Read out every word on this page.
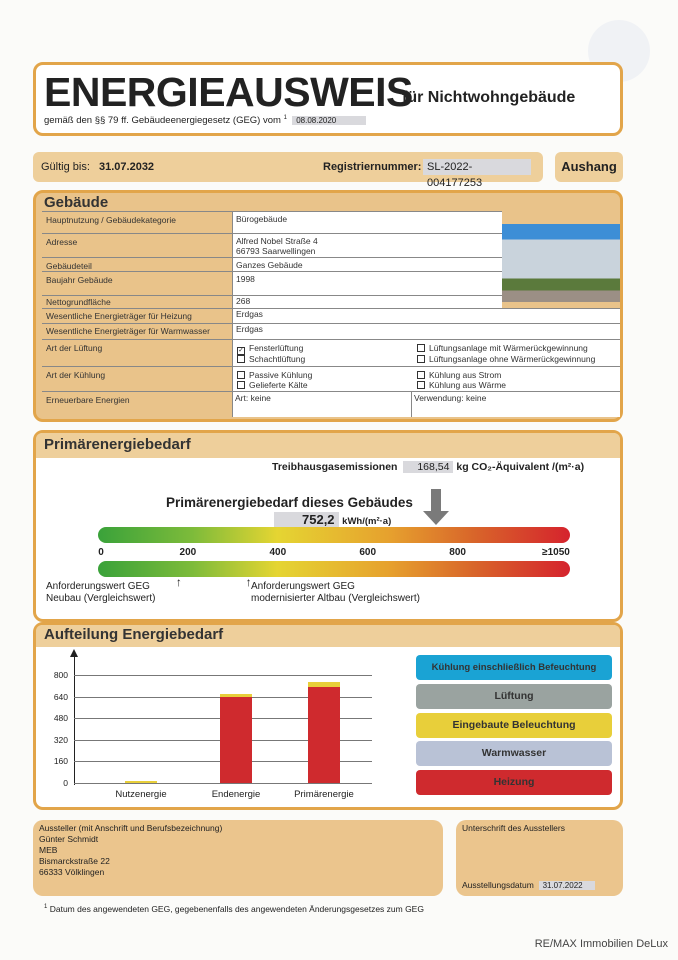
ENERGIEAUSWEIS
für Nichtwohngebäude
gemäß den §§ 79 ff. Gebäudeenergiegesetz (GEG) vom $^1$ 08.08.2020
Gültig bis: 31.07.2032	Registriernummer: SL-2022-004177253
Aushang
Gebäude
Hauptnutzung / Gebäudekategorie	Bürogebäude
Adresse	Alfred Nobel Straße 4
66793 Saarwellingen
Gebäudeteil	Ganzes Gebäude
Baujahr Gebäude	1998
Nettogrundfläche	268
Wesentliche Energieträger für Heizung	Erdgas
Wesentliche Energieträger für Warmwasser	Erdgas
Art der Lüftung	✓ Fensterlüftung
Schachtlüftung
Lüftungsanlage mit Wärmerückgewinnung
Lüftungsanlage ohne Wärmerückgewinnung
Art der Kühlung	Passive Kühlung
Gelieferte Kälte
Kühlung aus Strom
Kühlung aus Wärme
Erneuerbare Energien	Art: keine	Verwendung: keine
Primärenergiebedarf
Treibhausgasemissionen 168,54 kg CO₂-Äquivalent /(m²·a)
Primärenergiebedarf dieses Gebäudes
752,2 kWh/(m²·a)
0	200	400	600	800	≥1050
↑	↑
Anforderungswert GEG
Neubau (Vergleichswert)
Anforderungswert GEG
modernisierter Altbau (Vergleichswert)
Aufteilung Energiebedarf
0
160
320
480
640
800
Nutzenergie	Endenergie	Primärenergie
Kühlung einschließlich Befeuchtung
Lüftung
Eingebaute Beleuchtung
Warmwasser
Heizung
Aussteller (mit Anschrift und Berufsbezeichnung)
Günter Schmidt
MEB
Bismarckstraße 22
66333 Völklingen
Unterschrift des Ausstellers
Ausstellungsdatum 31.07.2022
$^1$ Datum des angewendeten GEG, gegebenenfalls des angewendeten Änderungsgesetzes zum GEG
RE/MAX Immobilien DeLux
